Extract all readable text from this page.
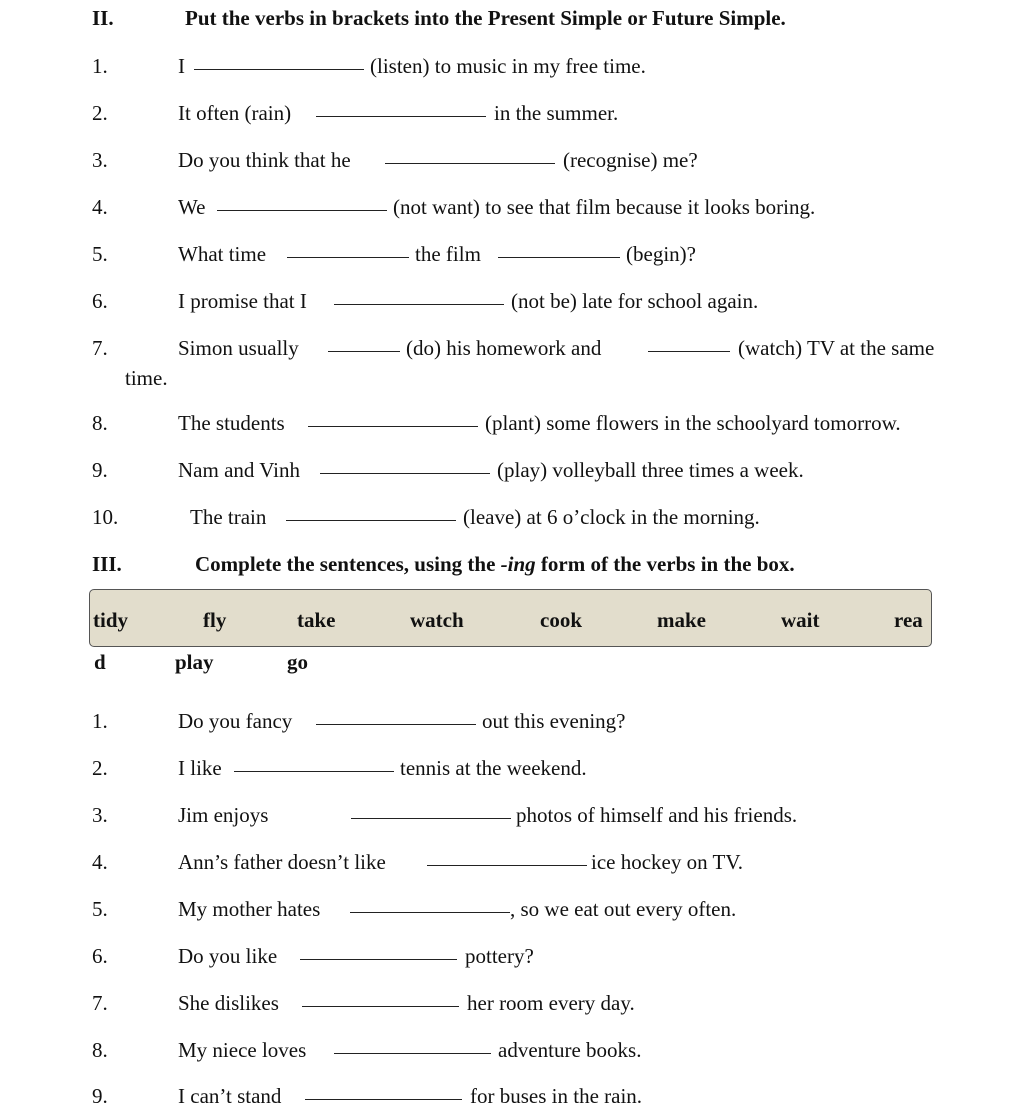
II.	Put the verbs in brackets into the Present Simple or Future Simple.
1.	I	(listen) to music in my free time.
2.	It often (rain)	in the summer.
3.	Do you think that he	(recognise) me?
4.	We	(not want) to see that film because it looks boring.
5.	What time	the film	(begin)?
6.	I promise that I	(not be) late for school again.
7.	Simon usually	(do) his homework and	(watch) TV at the same
time.
8.	The students	(plant) some flowers in the schoolyard tomorrow.
9.	Nam and Vinh	(play) volleyball three times a week.
10.	The train	(leave) at 6 o’clock in the morning.
III.	Complete the sentences, using the -ing form of the verbs in the box.
tidy	fly	take	watch	cook	make	wait	rea
d	play	go
1.	Do you fancy	out this evening?
2.	I like	tennis at the weekend.
3.	Jim enjoys	photos of himself and his friends.
4.	Ann’s father doesn’t like	ice hockey on TV.
5.	My mother hates	, so we eat out every often.
6.	Do you like	pottery?
7.	She dislikes	her room every day.
8.	My niece loves	adventure books.
9.	I can’t stand	for buses in the rain.
